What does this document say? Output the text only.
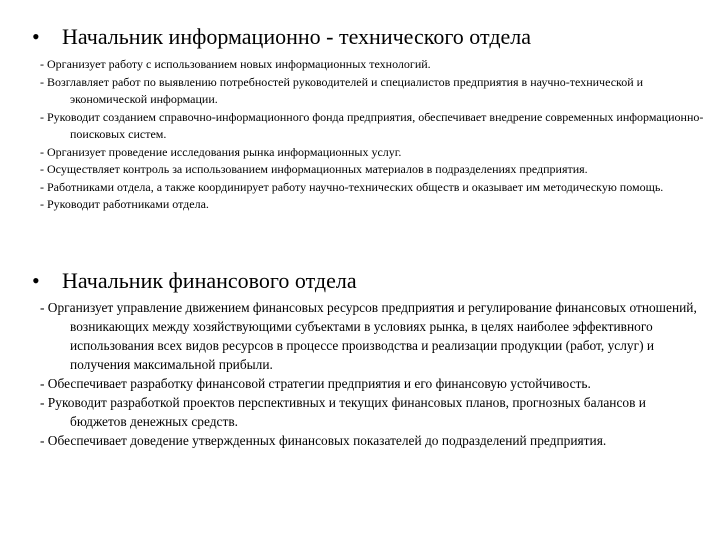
•	Начальник информационно - технического отдела
- Организует работу с использованием новых информационных технологий.
- Возглавляет работ по выявлению потребностей руководителей и специалистов предприятия в научно-технической и экономической информации.
- Руководит созданием справочно-информационного фонда предприятия, обеспечивает внедрение современных информационно-поисковых систем.
- Организует проведение исследования рынка информационных услуг.
- Осуществляет контроль за использованием информационных материалов в подразделениях предприятия.
- Работниками отдела, а также координирует работу научно-технических обществ и оказывает им методическую помощь.
- Руководит работниками отдела.
•	Начальник финансового отдела
- Организует управление движением финансовых ресурсов предприятия и регулирование финансовых отношений, возникающих между хозяйствующими субъектами в условиях рынка, в целях наиболее эффективного использования всех видов ресурсов в процессе производства и реализации продукции (работ, услуг) и получения максимальной прибыли.
- Обеспечивает разработку финансовой стратегии предприятия и его финансовую устойчивость.
- Руководит разработкой проектов перспективных и текущих финансовых планов, прогнозных балансов и бюджетов денежных средств.
- Обеспечивает доведение утвержденных финансовых показателей до подразделений предприятия.
